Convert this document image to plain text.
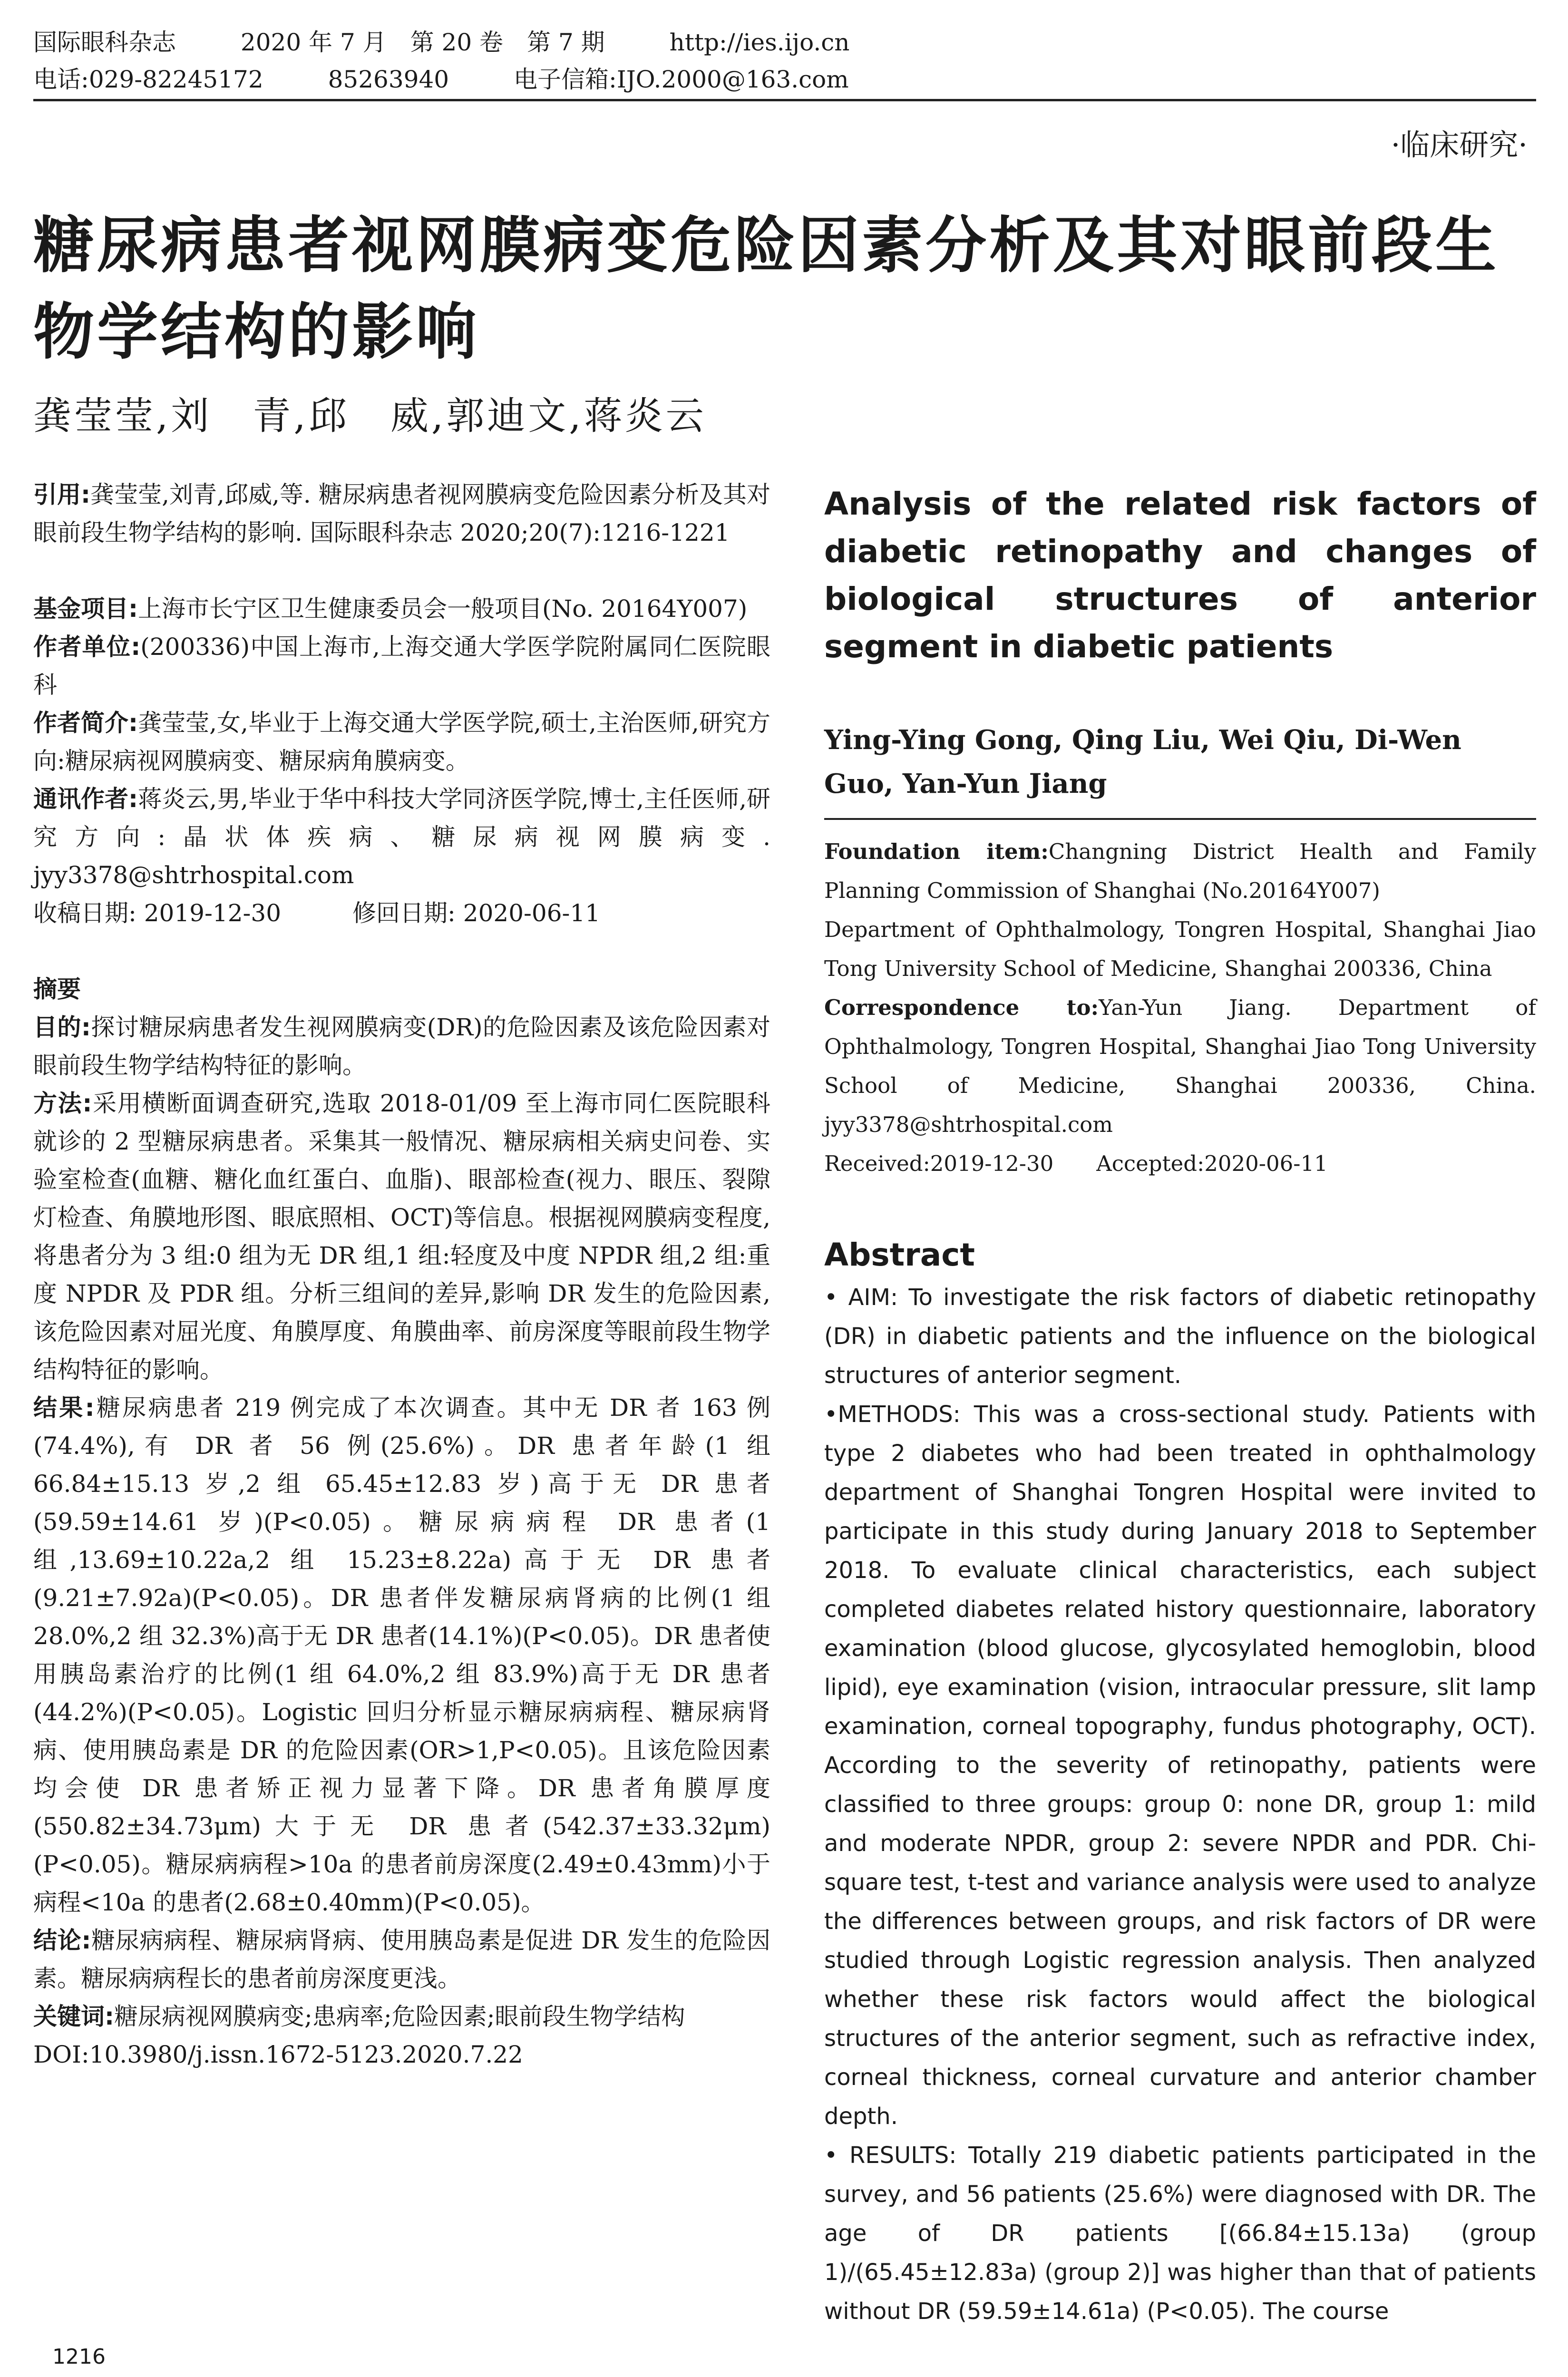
国际眼科杂志	2020 年 7 月　第 20 卷　第 7 期	http://ies.ijo.cn
电话:029-82245172	85263940	电子信箱:IJO.2000@163.com
·临床研究·
糖尿病患者视网膜病变危险因素分析及其对眼前段生物学结构的影响
龚莹莹,刘　青,邱　威,郭迪文,蒋炎云

引用:龚莹莹,刘青,邱威,等. 糖尿病患者视网膜病变危险因素分析及其对眼前段生物学结构的影响. 国际眼科杂志 2020;20(7):1216-1221

基金项目:上海市长宁区卫生健康委员会一般项目(No. 20164Y007)

作者单位:(200336)中国上海市,上海交通大学医学院附属同仁医院眼科

作者简介:龚莹莹,女,毕业于上海交通大学医学院,硕士,主治医师,研究方向:糖尿病视网膜病变、糖尿病角膜病变。

通讯作者:蒋炎云,男,毕业于华中科技大学同济医学院,博士,主任医师,研究方向:晶状体疾病、糖尿病视网膜病变. jyy3378@shtrhospital.com

收稿日期: 2019-12-30　　　	修回日期: 2020-06-11

摘要

目的:探讨糖尿病患者发生视网膜病变(DR)的危险因素及该危险因素对眼前段生物学结构特征的影响。

方法:采用横断面调查研究,选取 2018-01/09 至上海市同仁医院眼科就诊的 2 型糖尿病患者。采集其一般情况、糖尿病相关病史问卷、实验室检查(血糖、糖化血红蛋白、血脂)、眼部检查(视力、眼压、裂隙灯检查、角膜地形图、眼底照相、OCT)等信息。根据视网膜病变程度,将患者分为 3 组:0 组为无 DR 组,1 组:轻度及中度 NPDR 组,2 组:重度 NPDR 及 PDR 组。分析三组间的差异,影响 DR 发生的危险因素,该危险因素对屈光度、角膜厚度、角膜曲率、前房深度等眼前段生物学结构特征的影响。

结果:糖尿病患者 219 例完成了本次调查。其中无 DR 者 163 例(74.4%),有 DR 者 56 例(25.6%)。DR 患者年龄(1 组 66.84±15.13 岁,2 组 65.45±12.83 岁)高于无 DR 患者(59.59±14.61 岁)(P<0.05)。糖尿病病程 DR 患者(1 组,13.69±10.22a,2 组 15.23±8.22a)高于无 DR 患者(9.21±7.92a)(P<0.05)。DR 患者伴发糖尿病肾病的比例(1 组 28.0%,2 组 32.3%)高于无 DR 患者(14.1%)(P<0.05)。DR 患者使用胰岛素治疗的比例(1 组 64.0%,2 组 83.9%)高于无 DR 患者(44.2%)(P<0.05)。Logistic 回归分析显示糖尿病病程、糖尿病肾病、使用胰岛素是 DR 的危险因素(OR>1,P<0.05)。且该危险因素均会使 DR 患者矫正视力显著下降。DR 患者角膜厚度(550.82±34.73μm)大于无 DR 患者(542.37±33.32μm)(P<0.05)。糖尿病病程>10a 的患者前房深度(2.49±0.43mm)小于病程<10a 的患者(2.68±0.40mm)(P<0.05)。

结论:糖尿病病程、糖尿病肾病、使用胰岛素是促进 DR 发生的危险因素。糖尿病病程长的患者前房深度更浅。

关键词:糖尿病视网膜病变;患病率;危险因素;眼前段生物学结构

DOI:10.3980/j.issn.1672-5123.2020.7.22

Analysis of the related risk factors of diabetic retinopathy and changes of biological structures of anterior segment in diabetic patients

Ying-Ying Gong, Qing Liu, Wei Qiu, Di-Wen Guo, Yan-Yun Jiang

Foundation item:Changning District Health and Family Planning Commission of Shanghai (No.20164Y007)

Department of Ophthalmology, Tongren Hospital, Shanghai Jiao Tong University School of Medicine, Shanghai 200336, China

Correspondence to:Yan-Yun Jiang. Department of Ophthalmology, Tongren Hospital, Shanghai Jiao Tong University School of Medicine, Shanghai 200336, China. jyy3378@shtrhospital.com

Received:2019-12-30　　 Accepted:2020-06-11

Abstract

• AIM: To investigate the risk factors of diabetic retinopathy (DR) in diabetic patients and the influence on the biological structures of anterior segment.

•METHODS: This was a cross-sectional study. Patients with type 2 diabetes who had been treated in ophthalmology department of Shanghai Tongren Hospital were invited to participate in this study during January 2018 to September 2018. To evaluate clinical characteristics, each subject completed diabetes related history questionnaire, laboratory examination (blood glucose, glycosylated hemoglobin, blood lipid), eye examination (vision, intraocular pressure, slit lamp examination, corneal topography, fundus photography, OCT). According to the severity of retinopathy, patients were classified to three groups: group 0: none DR, group 1: mild and moderate NPDR, group 2: severe NPDR and PDR. Chi-square test, t-test and variance analysis were used to analyze the differences between groups, and risk factors of DR were studied through Logistic regression analysis. Then analyzed whether these risk factors would affect the biological structures of the anterior segment, such as refractive index, corneal thickness, corneal curvature and anterior chamber depth.

• RESULTS: Totally 219 diabetic patients participated in the survey, and 56 patients (25.6%) were diagnosed with DR. The age of DR patients [(66.84±15.13a) (group 1)/(65.45±12.83a) (group 2)] was higher than that of patients without DR (59.59±14.61a) (P<0.05). The course

1216
